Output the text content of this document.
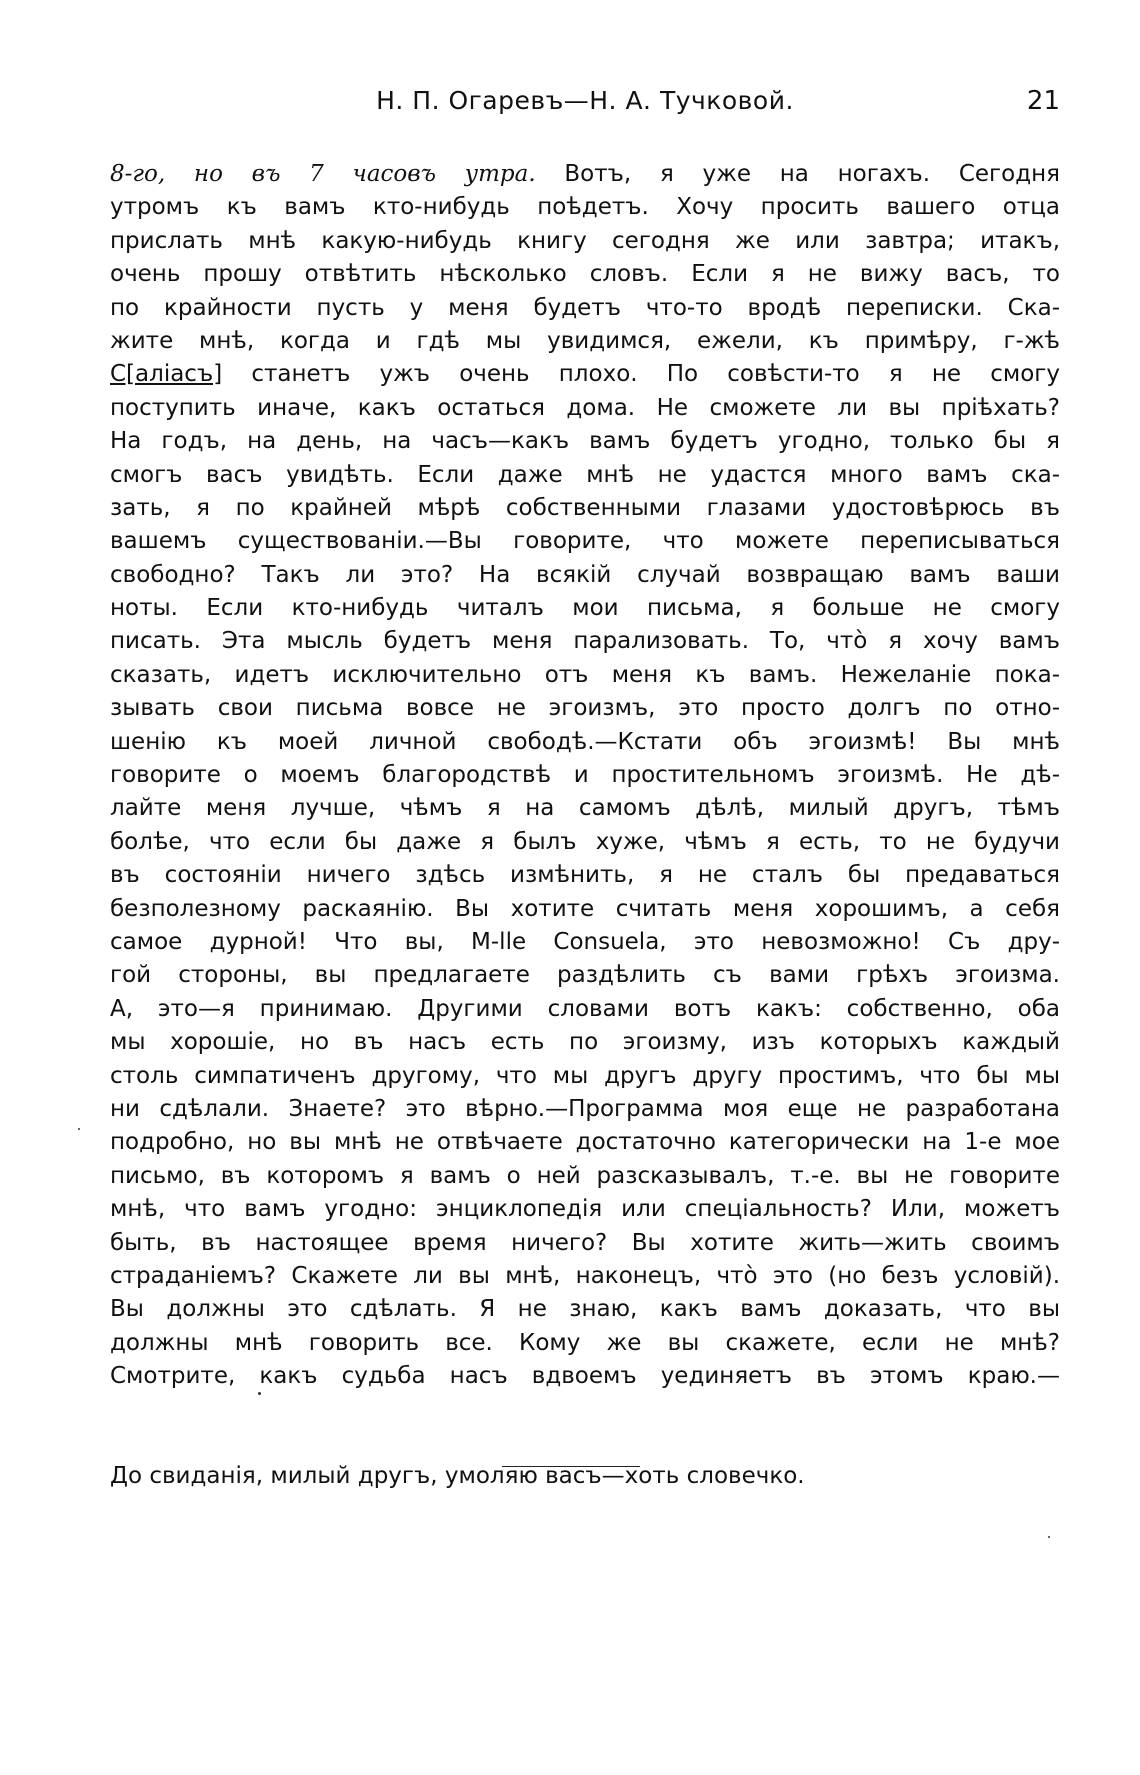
Н. П. Огаревъ—Н. А. Тучковой.	21
8-го, но въ 7 часовъ утра. Вотъ, я уже на ногахъ. Сегодня
утромъ къ вамъ кто-нибудь поѣдетъ. Хочу просить вашего отца
прислать мнѣ какую-нибудь книгу сегодня же или завтра; итакъ,
очень прошу отвѣтить нѣсколько словъ. Если я не вижу васъ, то
по крайности пусть у меня будетъ что-то вродѣ переписки. Ска-
жите мнѣ, когда и гдѣ мы увидимся, ежели, къ примѣру, г-жѣ
С[аліасъ] станетъ ужъ очень плохо. По совѣсти-то я не смогу
поступить иначе, какъ остаться дома. Не сможете ли вы пріѣхать?
На годъ, на день, на часъ—какъ вамъ будетъ угодно, только бы я
смогъ васъ увидѣть. Если даже мнѣ не удастся много вамъ ска-
зать, я по крайней мѣрѣ собственными глазами удостовѣрюсь въ
вашемъ существованіи.—Вы говорите, что можете переписываться
свободно? Такъ ли это? На всякій случай возвращаю вамъ ваши
ноты. Если кто-нибудь читалъ мои письма, я больше не смогу
писать. Эта мысль будетъ меня парализовать. То, чтò я хочу вамъ
сказать, идетъ исключительно отъ меня къ вамъ. Нежеланіе пока-
зывать свои письма вовсе не эгоизмъ, это просто долгъ по отно-
шенію къ моей личной свободѣ.—Кстати объ эгоизмѣ! Вы мнѣ
говорите о моемъ благородствѣ и простительномъ эгоизмѣ. Не дѣ-
лайте меня лучше, чѣмъ я на самомъ дѣлѣ, милый другъ, тѣмъ
болѣе, что если бы даже я былъ хуже, чѣмъ я есть, то не будучи
въ состояніи ничего здѣсь измѣнить, я не сталъ бы предаваться
безполезному раскаянію. Вы хотите считать меня хорошимъ, а себя
самое дурной! Что вы, M-lle Consuela, это невозможно! Съ дру-
гой стороны, вы предлагаете раздѣлить съ вами грѣхъ эгоизма.
А, это—я принимаю. Другими словами вотъ какъ: собственно, оба
мы хорошіе, но въ насъ есть по эгоизму, изъ которыхъ каждый
столь симпатиченъ другому, что мы другъ другу простимъ, что бы мы
ни сдѣлали. Знаете? это вѣрно.—Программа моя еще не разработана
подробно, но вы мнѣ не отвѣчаете достаточно категорически на 1-е мое
письмо, въ которомъ я вамъ о ней разсказывалъ, т.-е. вы не говорите
мнѣ, что вамъ угодно: энциклопедія или спеціальность? Или, можетъ
быть, въ настоящее время ничего? Вы хотите жить—жить своимъ
страданіемъ? Скажете ли вы мнѣ, наконецъ, чтò это (но безъ условій).
Вы должны это сдѣлать. Я не знаю, какъ вамъ доказать, что вы
должны мнѣ говорить все. Кому же вы скажете, если не мнѣ?
Смотрите, какъ судьба насъ вдвоемъ уединяетъ въ этомъ краю.—
До свиданія, милый другъ, умоляю васъ—хоть словечко.
